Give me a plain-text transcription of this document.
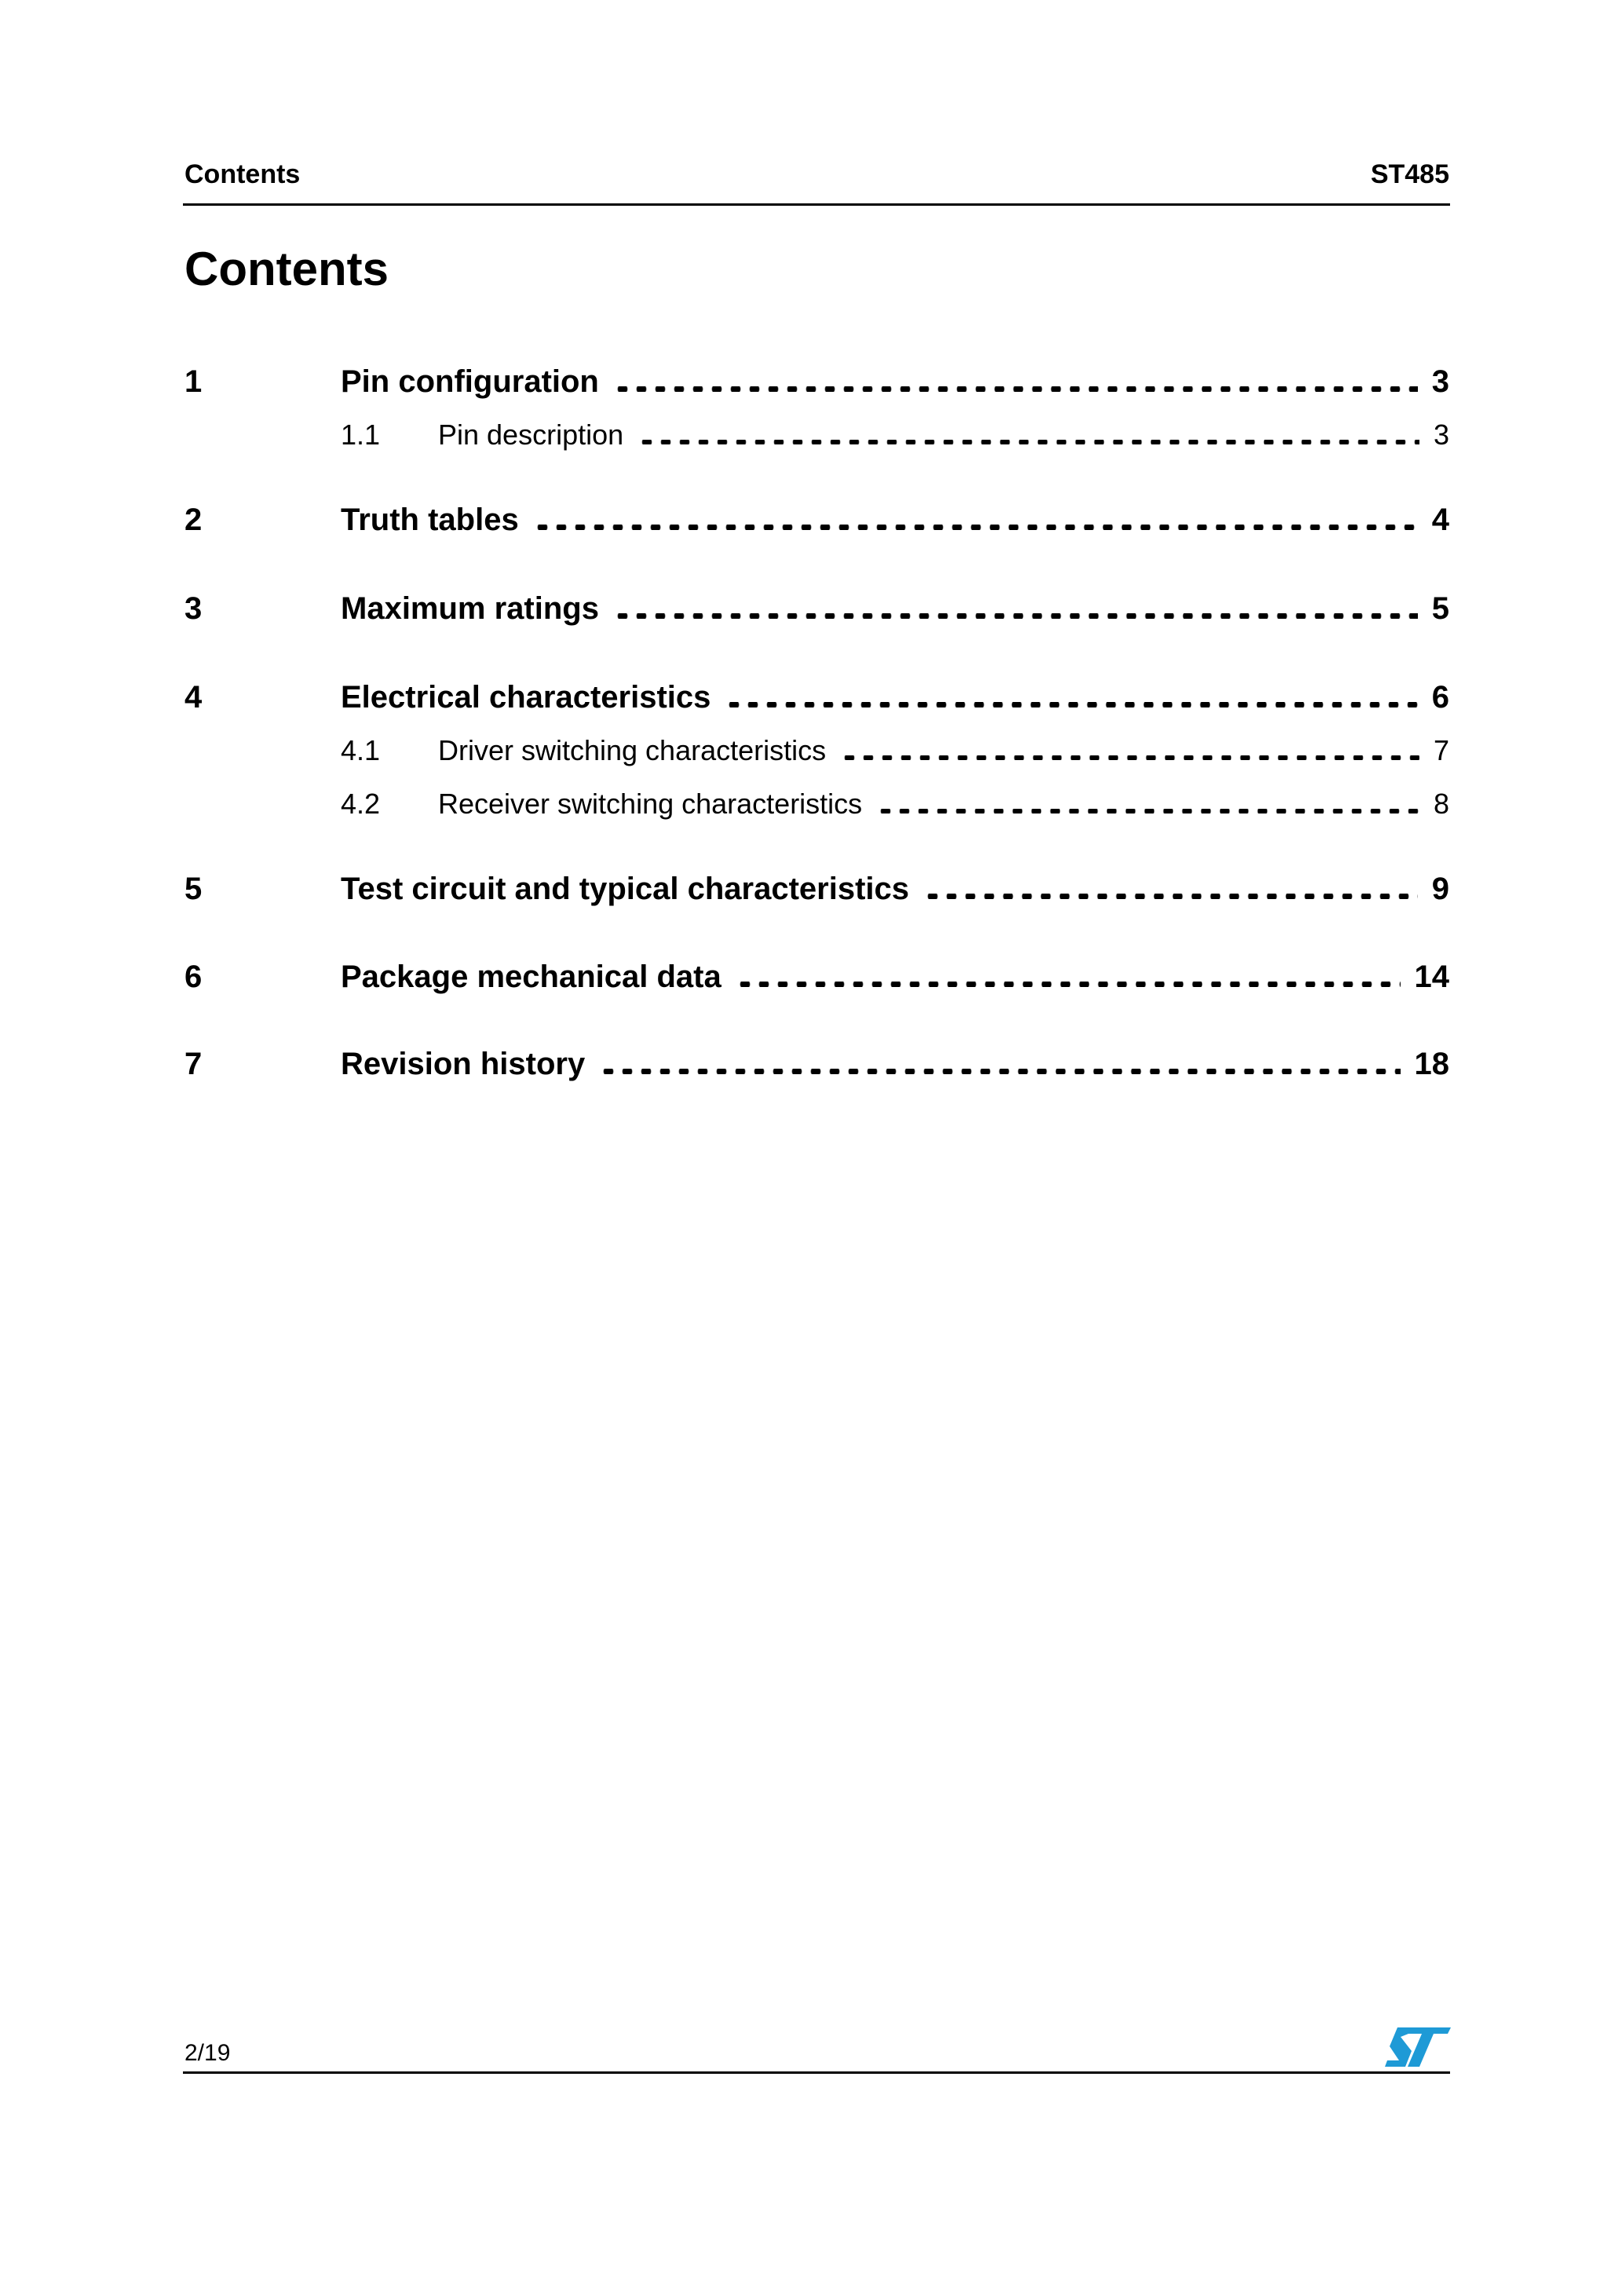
Contents	ST485
Contents
1	Pin configuration	3
1.1	Pin description	3
2	Truth tables	4
3	Maximum ratings	5
4	Electrical characteristics	6
4.1	Driver switching characteristics	7
4.2	Receiver switching characteristics	8
5	Test circuit and typical characteristics	9
6	Package mechanical data	14
7	Revision history	18
2/19
